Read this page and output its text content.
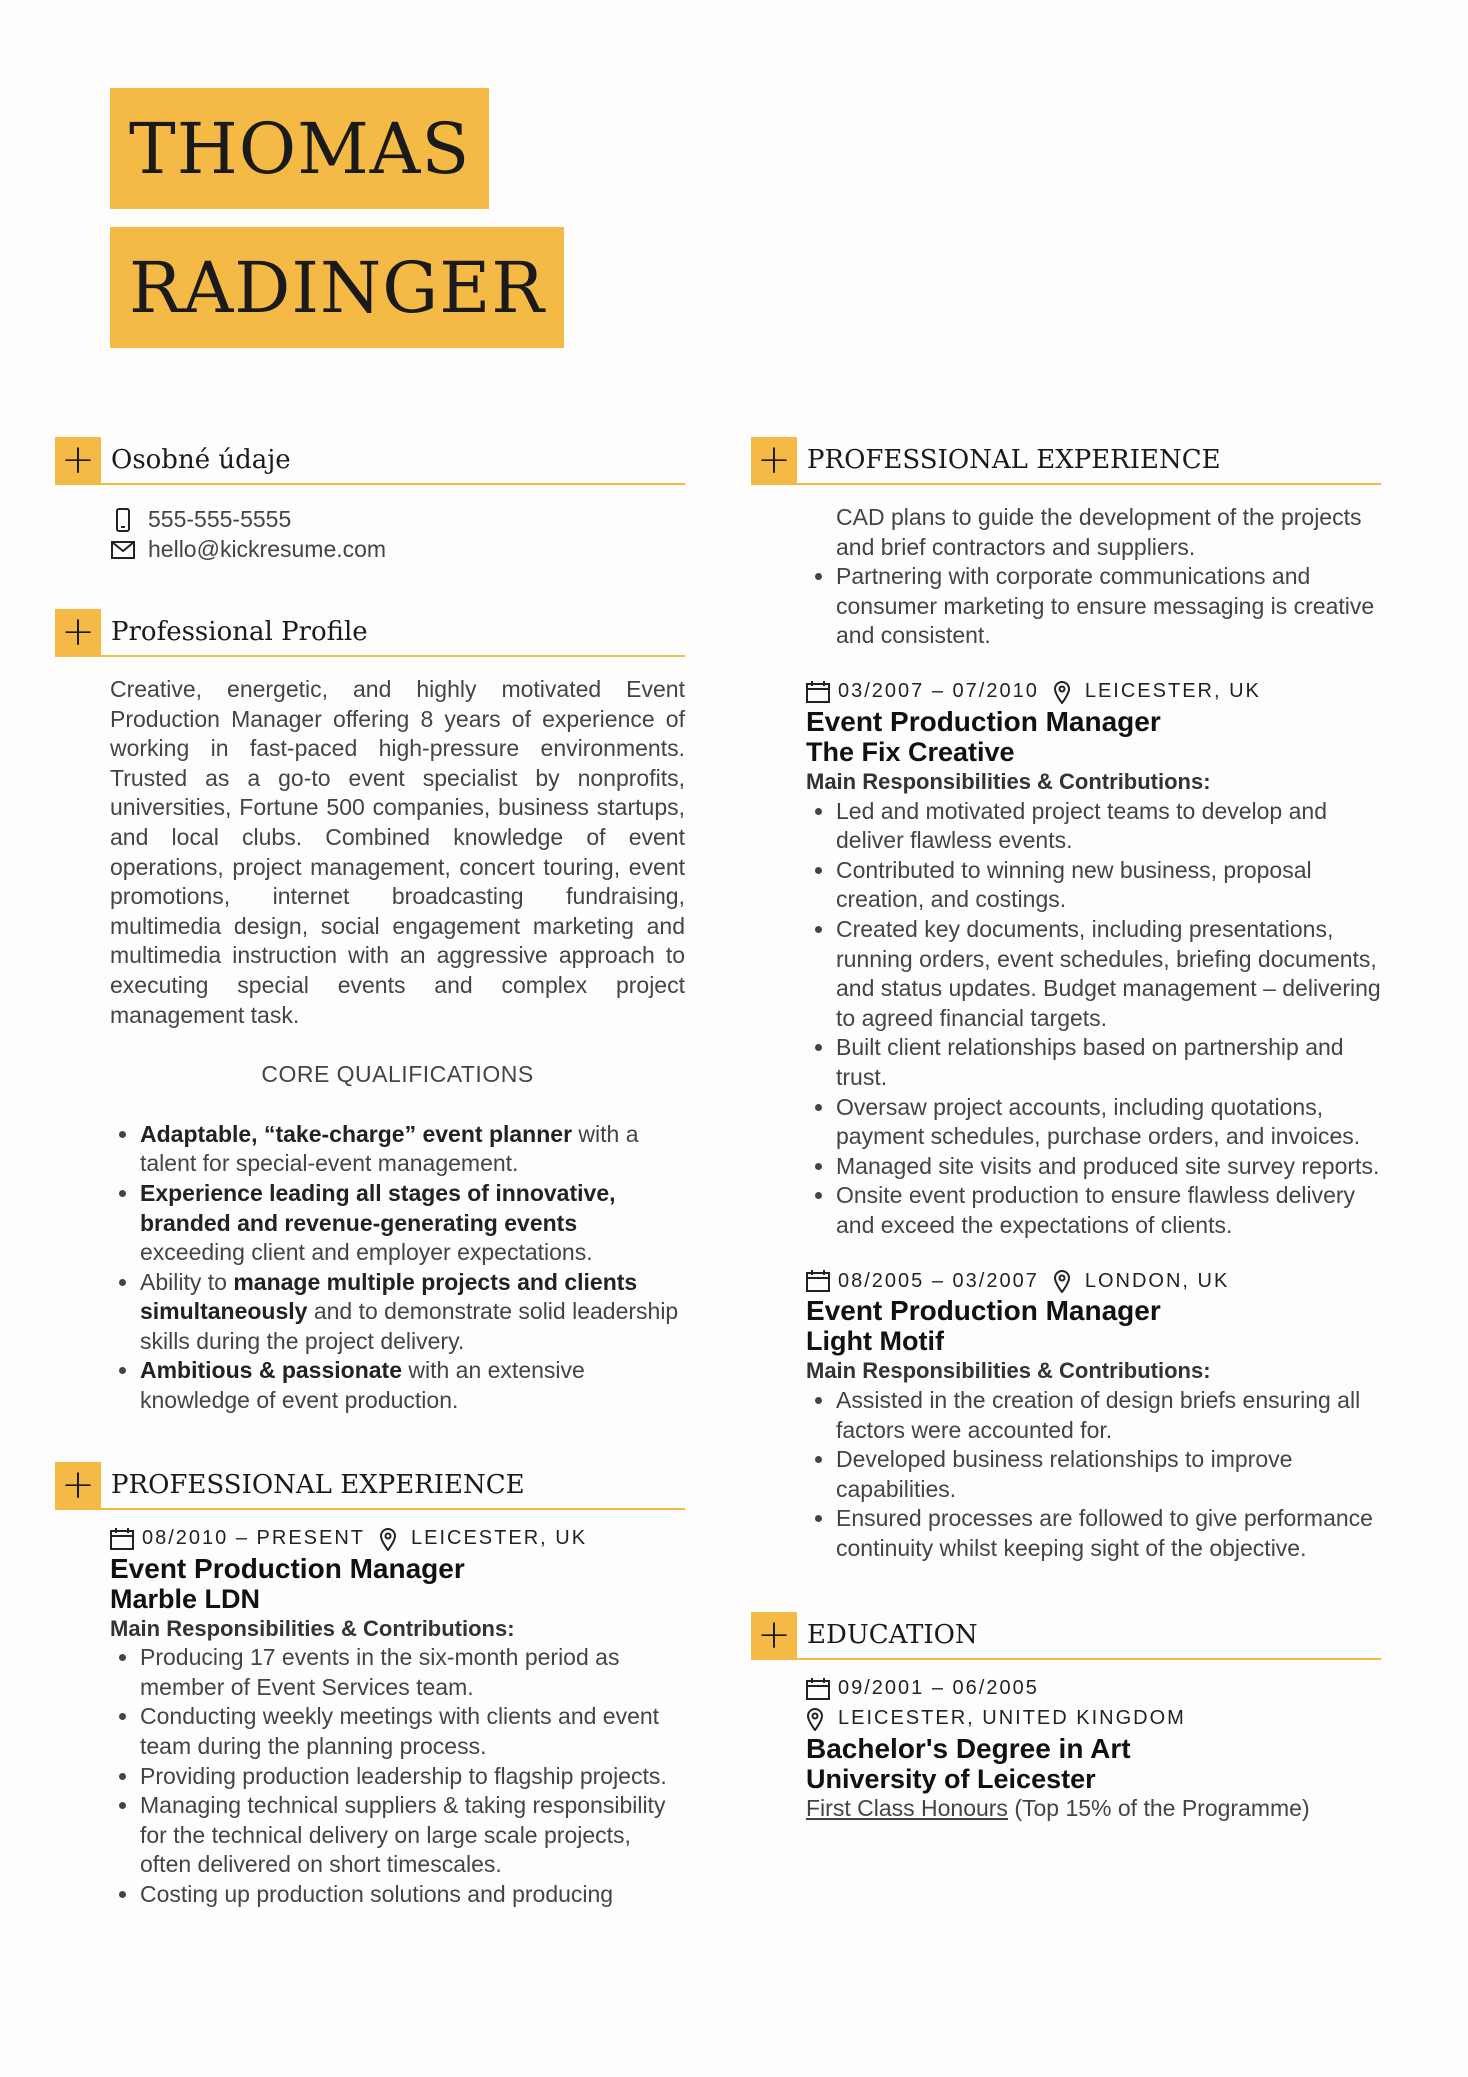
THOMAS
RADINGER
+ Osobné údaje
555-555-5555
hello@kickresume.com
+ Professional Profile

Creative, energetic, and highly motivated Event Production Manager offering 8 years of experience of working in fast-paced high-pressure environments. Trusted as a go-to event specialist by nonprofits, universities, Fortune 500 companies, business startups, and local clubs. Combined knowledge of event operations, project management, concert touring, event promotions, internet broadcasting fundraising, multimedia design, social engagement marketing and multimedia instruction with an aggressive approach to executing special events and complex project management task.

CORE QUALIFICATIONS
• Adaptable, “take-charge” event planner with a talent for special-event management.
• Experience leading all stages of innovative, branded and revenue-generating events exceeding client and employer expectations.
• Ability to manage multiple projects and clients simultaneously and to demonstrate solid leadership skills during the project delivery.
• Ambitious & passionate with an extensive knowledge of event production.
+ PROFESSIONAL EXPERIENCE
08/2010 – PRESENT LEICESTER, UK
Event Production Manager
Marble LDN
Main Responsibilities & Contributions:
• Producing 17 events in the six-month period as member of Event Services team.
• Conducting weekly meetings with clients and event team during the planning process.
• Providing production leadership to flagship projects.
• Managing technical suppliers & taking responsibility for the technical delivery on large scale projects, often delivered on short timescales.
• Costing up production solutions and producing
+ PROFESSIONAL EXPERIENCE
CAD plans to guide the development of the projects and brief contractors and suppliers.
• Partnering with corporate communications and consumer marketing to ensure messaging is creative and consistent.
03/2007 – 07/2010 LEICESTER, UK
Event Production Manager
The Fix Creative
Main Responsibilities & Contributions:
• Led and motivated project teams to develop and deliver flawless events.
• Contributed to winning new business, proposal creation, and costings.
• Created key documents, including presentations, running orders, event schedules, briefing documents, and status updates. Budget management – delivering to agreed financial targets.
• Built client relationships based on partnership and trust.
• Oversaw project accounts, including quotations, payment schedules, purchase orders, and invoices.
• Managed site visits and produced site survey reports.
• Onsite event production to ensure flawless delivery and exceed the expectations of clients.
08/2005 – 03/2007 LONDON, UK
Event Production Manager
Light Motif
Main Responsibilities & Contributions:
• Assisted in the creation of design briefs ensuring all factors were accounted for.
• Developed business relationships to improve capabilities.
• Ensured processes are followed to give performance continuity whilst keeping sight of the objective.
+ EDUCATION
09/2001 – 06/2005
LEICESTER, UNITED KINGDOM
Bachelor's Degree in Art
University of Leicester
First Class Honours (Top 15% of the Programme)
